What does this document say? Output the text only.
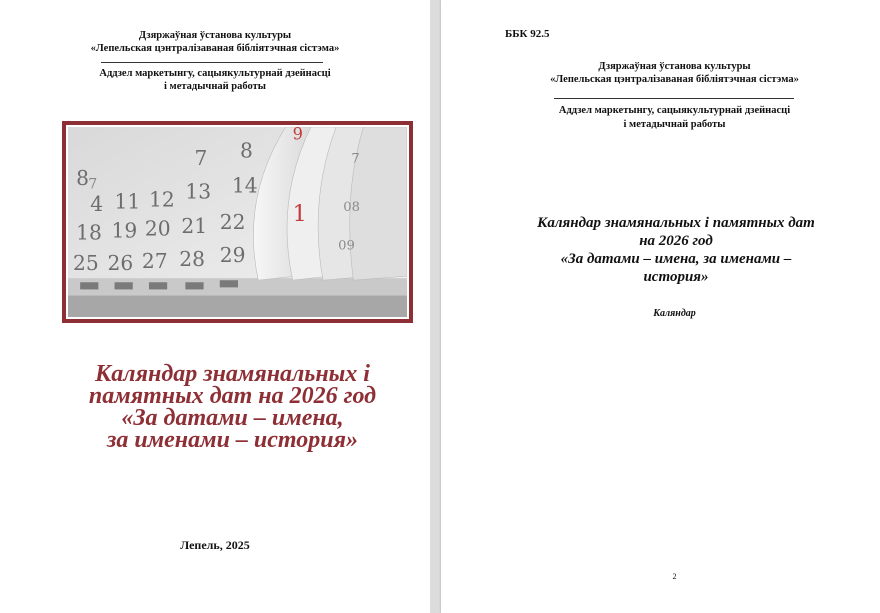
Дзяржаўная ўстанова культуры
«Лепельская цэнтралізаваная бібліятэчная сістэма»
Аддзел маркетынгу, сацыякультурнай дзейнасці
і метадычнай работы
8 7
7 8
4 11 12 13 14
18 19 20 21 22
25 26 27 28 29
9
1
7
08
09
Каляндар знамянальных і
памятных дат на 2026 год
«За датами – имена,
за именами – история»
Лепель, 2025
ББК 92.5
Дзяржаўная ўстанова культуры
«Лепельская цэнтралізаваная бібліятэчная сістэма»
Аддзел маркетынгу, сацыякультурнай дзейнасці
і метадычнай работы
Каляндар знамянальных і памятных дат
на 2026 год
«За датами – имена, за именами –
история»
Каляндар
2
